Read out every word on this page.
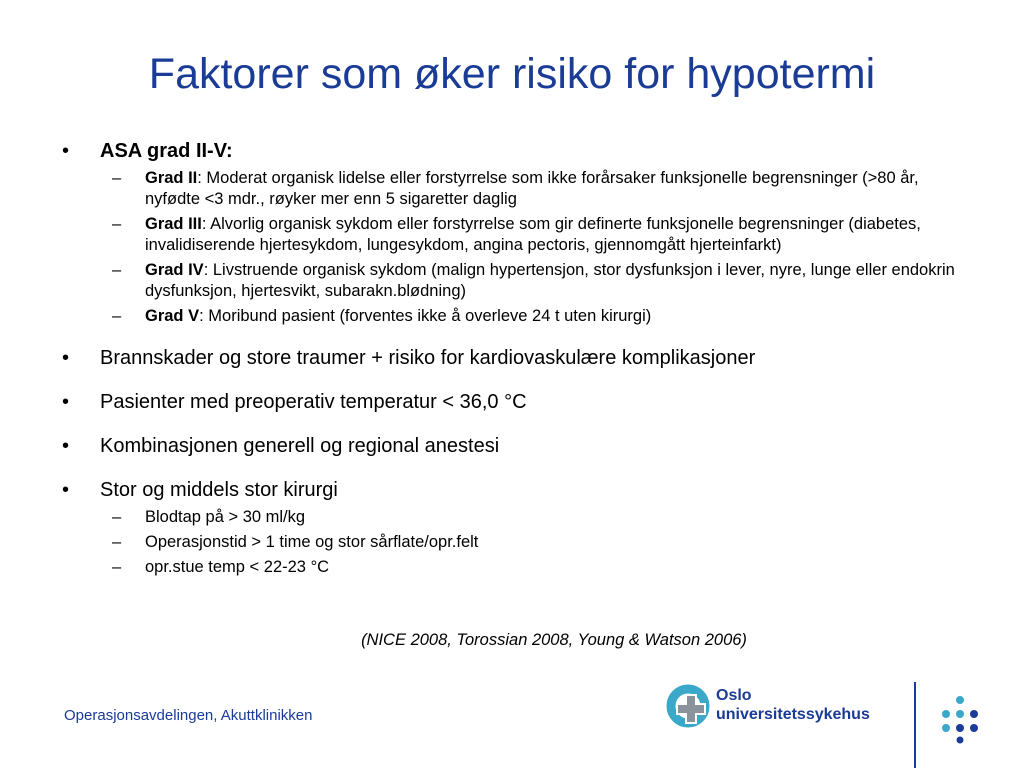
Faktorer som øker risiko for hypotermi
• ASA grad II-V:
– Grad II: Moderat organisk lidelse eller forstyrrelse som ikke forårsaker funksjonelle begrensninger (>80 år, nyfødte <3 mdr., røyker mer enn 5 sigaretter daglig
– Grad III: Alvorlig organisk sykdom eller forstyrrelse som gir definerte funksjonelle begrensninger (diabetes, invalidiserende hjertesykdom, lungesykdom, angina pectoris, gjennomgått hjerteinfarkt)
– Grad IV: Livstruende organisk sykdom (malign hypertensjon, stor dysfunksjon i lever, nyre, lunge eller endokrin dysfunksjon, hjertesvikt, subarakn.blødning)
– Grad V: Moribund pasient (forventes ikke å overleve 24 t uten kirurgi)
• Brannskader og store traumer + risiko for kardiovaskulære komplikasjoner
• Pasienter med preoperativ temperatur < 36,0 °C
• Kombinasjonen generell og regional anestesi
• Stor og middels stor kirurgi
– Blodtap på > 30 ml/kg
– Operasjonstid > 1 time og stor sårflate/opr.felt
– opr.stue temp < 22-23 °C
(NICE 2008, Torossian 2008, Young & Watson 2006)
Operasjonsavdelingen, Akuttklinikken
Oslo
universitetssykehus
